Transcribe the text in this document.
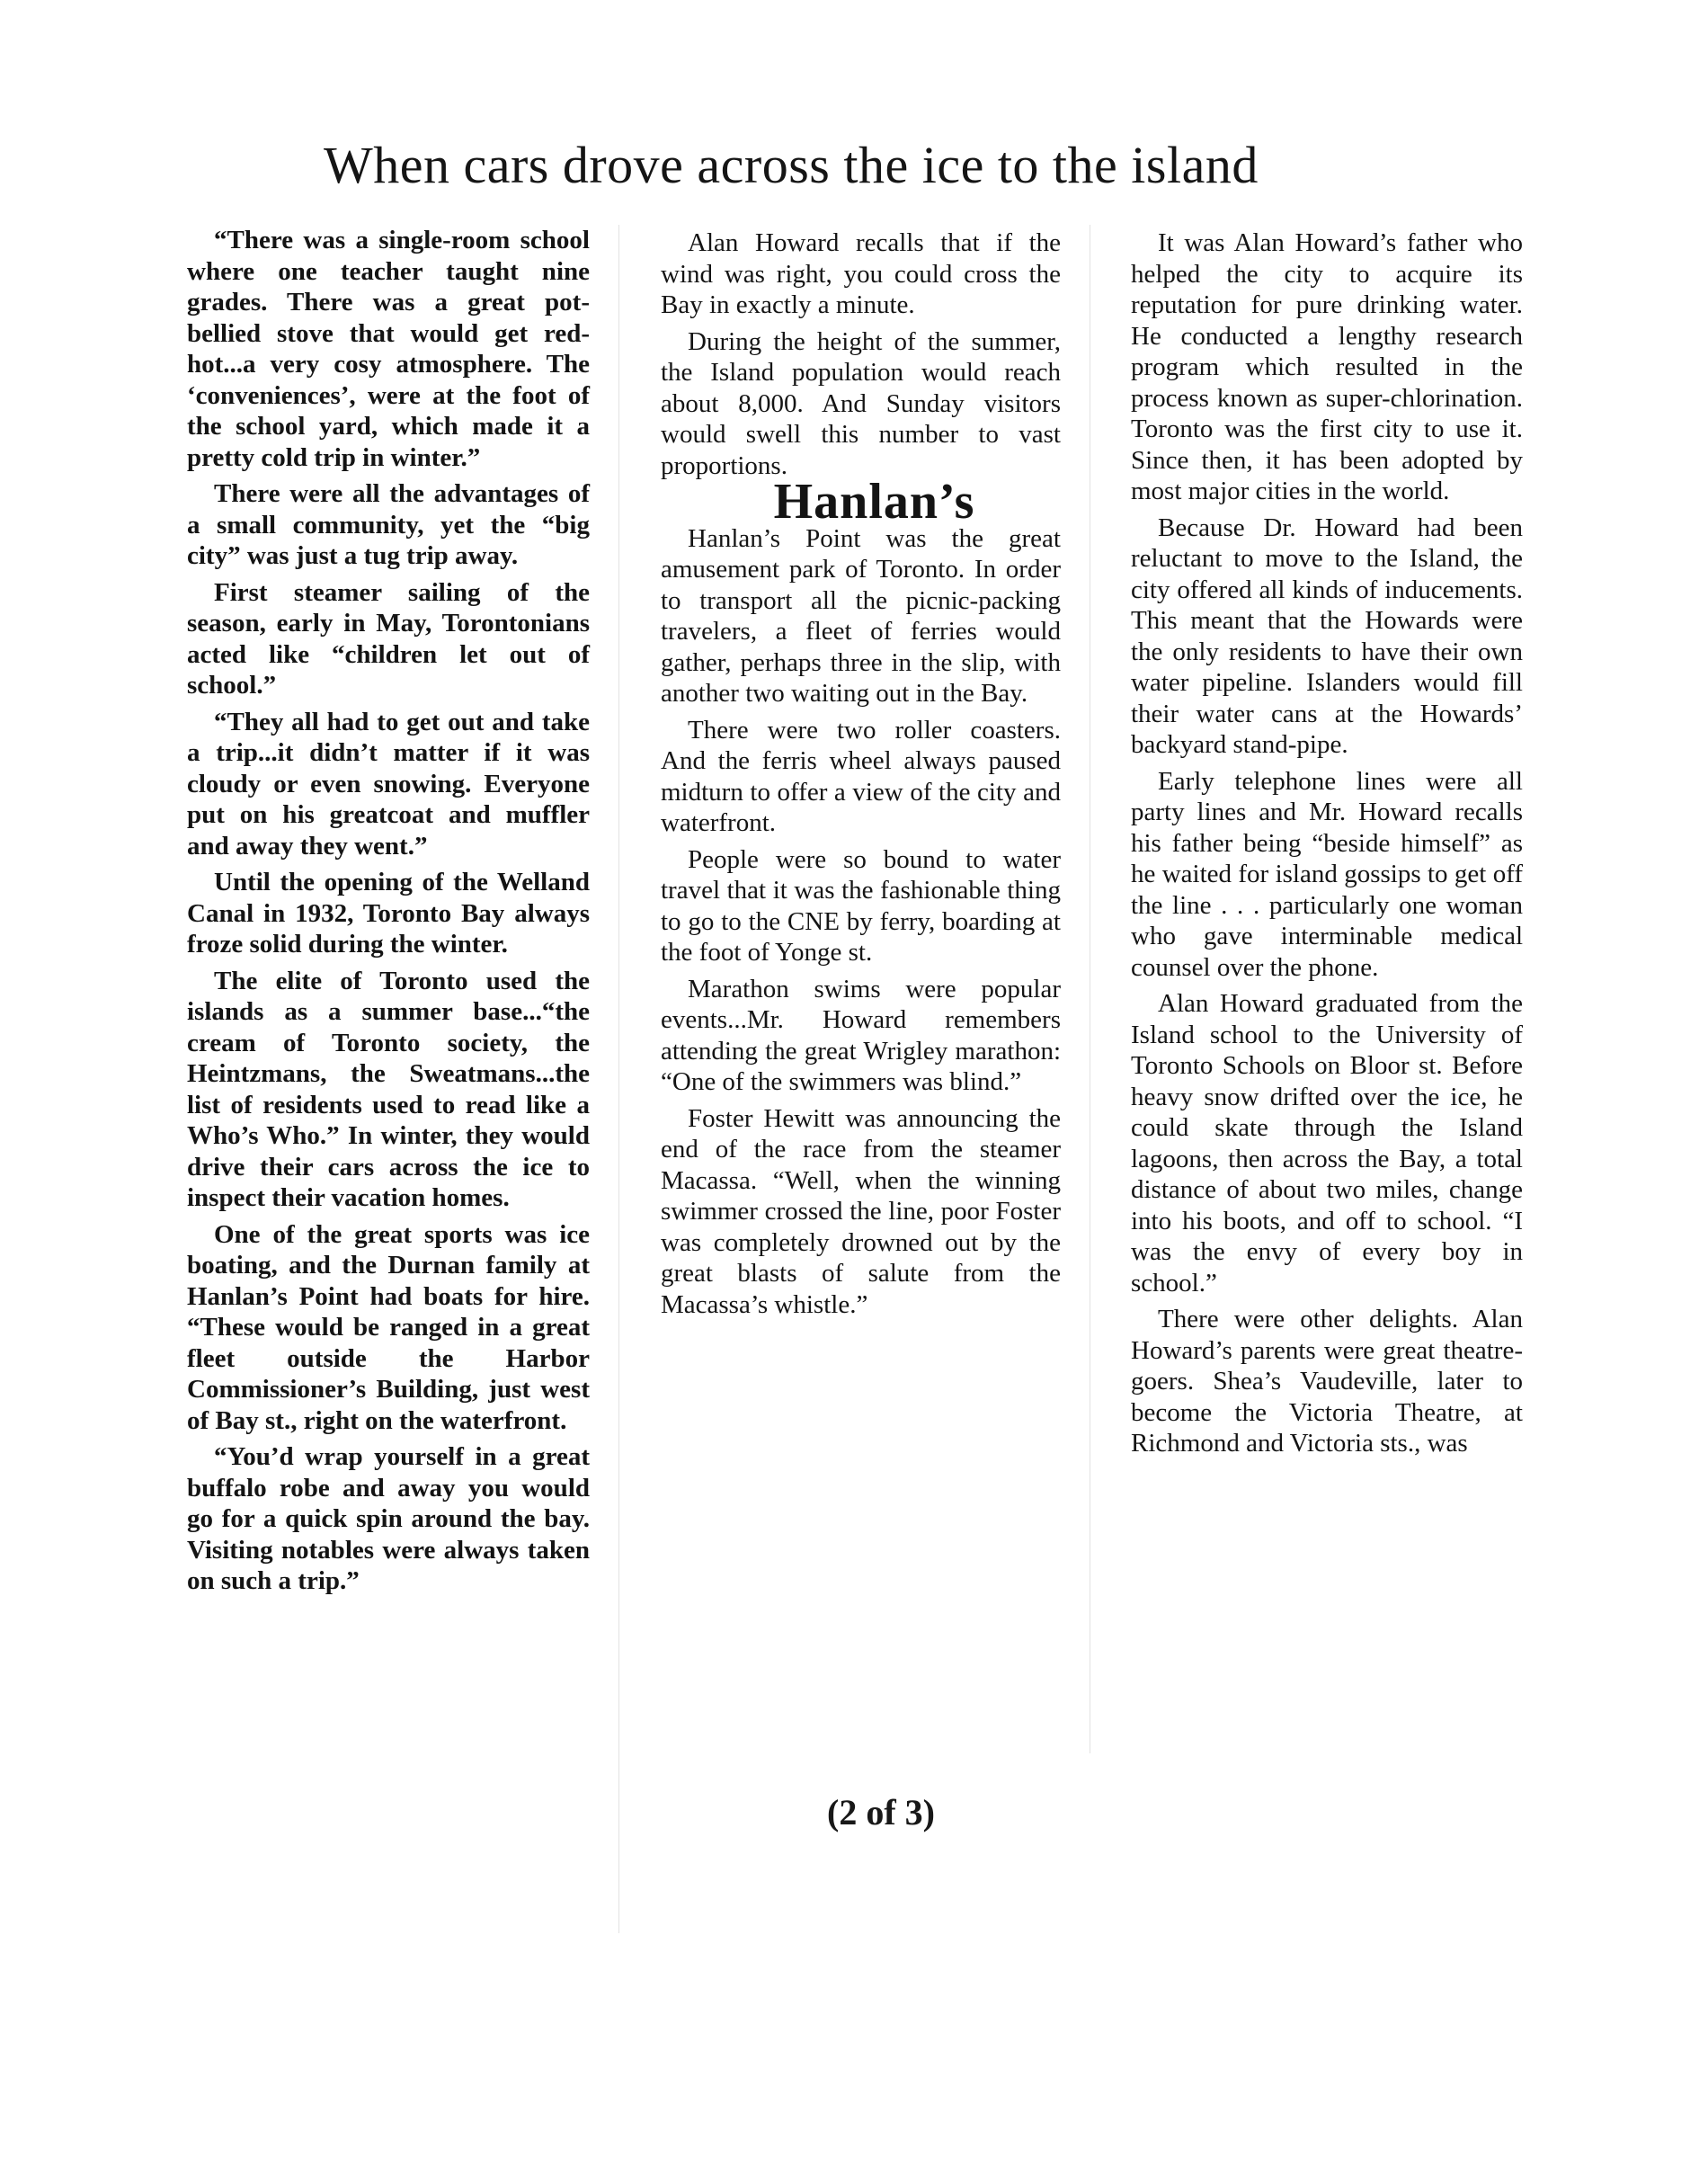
When cars drove across the ice to the island

“There was a single-room school where one teacher taught nine grades. There was a great pot-bellied stove that would get red-hot...a very cosy atmosphere. The ‘conveniences’, were at the foot of the school yard, which made it a pretty cold trip in winter.”

There were all the advantages of a small community, yet the “big city” was just a tug trip away.

First steamer sailing of the season, early in May, Torontonians acted like “children let out of school.”

“They all had to get out and take a trip...it didn’t matter if it was cloudy or even snowing. Everyone put on his greatcoat and muffler and away they went.”

Until the opening of the Welland Canal in 1932, Toronto Bay always froze solid during the winter.

The elite of Toronto used the islands as a summer base...“the cream of Toronto society, the Heintzmans, the Sweatmans...the list of residents used to read like a Who’s Who.” In winter, they would drive their cars across the ice to inspect their vacation homes.

One of the great sports was ice boating, and the Durnan family at Hanlan’s Point had boats for hire. “These would be ranged in a great fleet outside the Harbor Commissioner’s Building, just west of Bay st., right on the waterfront.

“You’d wrap yourself in a great buffalo robe and away you would go for a quick spin around the bay. Visiting notables were always taken on such a trip.”

Alan Howard recalls that if the wind was right, you could cross the Bay in exactly a minute.

During the height of the summer, the Island population would reach about 8,000. And Sunday visitors would swell this number to vast proportions.

Hanlan’s

Hanlan’s Point was the great amusement park of Toronto. In order to transport all the picnic-packing travelers, a fleet of ferries would gather, perhaps three in the slip, with another two waiting out in the Bay.

There were two roller coasters. And the ferris wheel always paused midturn to offer a view of the city and waterfront.

People were so bound to water travel that it was the fashionable thing to go to the CNE by ferry, boarding at the foot of Yonge st.

Marathon swims were popular events...Mr. Howard remembers attending the great Wrigley marathon: “One of the swimmers was blind.”

Foster Hewitt was announcing the end of the race from the steamer Macassa. “Well, when the winning swimmer crossed the line, poor Foster was completely drowned out by the great blasts of salute from the Macassa’s whistle.”

It was Alan Howard’s father who helped the city to acquire its reputation for pure drinking water. He conducted a lengthy research program which resulted in the process known as super-chlorination. Toronto was the first city to use it. Since then, it has been adopted by most major cities in the world.

Because Dr. Howard had been reluctant to move to the Island, the city offered all kinds of inducements. This meant that the Howards were the only residents to have their own water pipeline. Islanders would fill their water cans at the Howards’ backyard stand-pipe.

Early telephone lines were all party lines and Mr. Howard recalls his father being “beside himself” as he waited for island gossips to get off the line . . . particularly one woman who gave interminable medical counsel over the phone.

Alan Howard graduated from the Island school to the University of Toronto Schools on Bloor st. Before heavy snow drifted over the ice, he could skate through the Island lagoons, then across the Bay, a total distance of about two miles, change into his boots, and off to school. “I was the envy of every boy in school.”

There were other delights. Alan Howard’s parents were great theatre-goers. Shea’s Vaudeville, later to become the Victoria Theatre, at Richmond and Victoria sts., was

(2 of 3)
